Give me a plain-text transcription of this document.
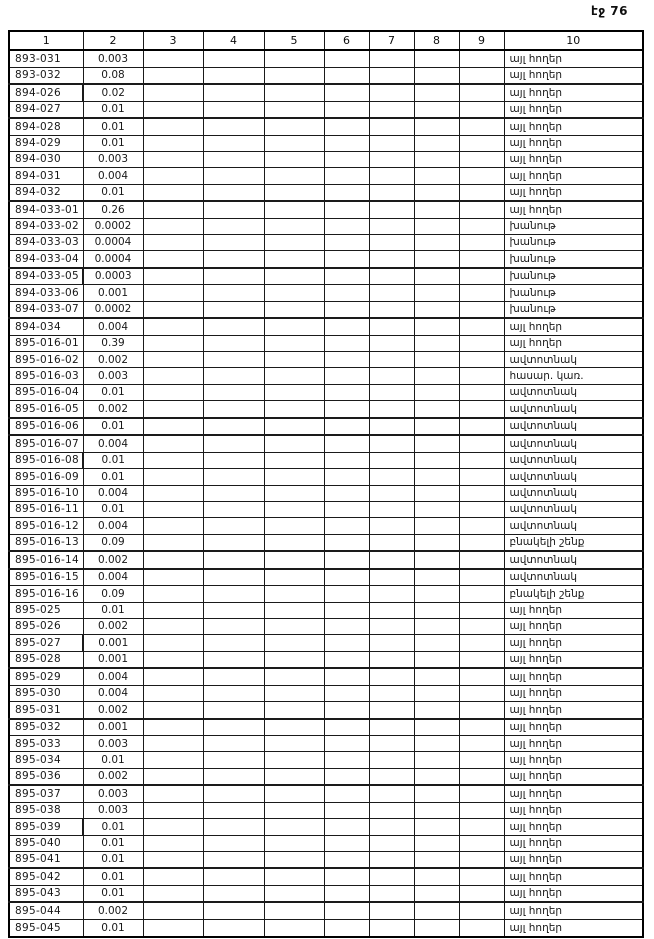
էջ 76
1	2	3	4	5	6	7	8	9	10
893-031	0.003								այլ հողեր
893-032	0.08								այլ հողեր
894-026	0.02								այլ հողեր
894-027	0.01								այլ հողեր
894-028	0.01								այլ հողեր
894-029	0.01								այլ հողեր
894-030	0.003								այլ հողեր
894-031	0.004								այլ հողեր
894-032	0.01								այլ հողեր
894-033-01	0.26								այլ հողեր
894-033-02	0.0002								խանութ
894-033-03	0.0004								խանութ
894-033-04	0.0004								խանութ
894-033-05	0.0003								խանութ
894-033-06	0.001								խանութ
894-033-07	0.0002								խանութ
894-034	0.004								այլ հողեր
895-016-01	0.39								այլ հողեր
895-016-02	0.002								ավտոտնակ
895-016-03	0.003								հասար. կառ.
895-016-04	0.01								ավտոտնակ
895-016-05	0.002								ավտոտնակ
895-016-06	0.01								ավտոտնակ
895-016-07	0.004								ավտոտնակ
895-016-08	0.01								ավտոտնակ
895-016-09	0.01								ավտոտնակ
895-016-10	0.004								ավտոտնակ
895-016-11	0.01								ավտոտնակ
895-016-12	0.004								ավտոտնակ
895-016-13	0.09								բնակելի շենք
895-016-14	0.002								ավտոտնակ
895-016-15	0.004								ավտոտնակ
895-016-16	0.09								բնակելի շենք
895-025	0.01								այլ հողեր
895-026	0.002								այլ հողեր
895-027	0.001								այլ հողեր
895-028	0.001								այլ հողեր
895-029	0.004								այլ հողեր
895-030	0.004								այլ հողեր
895-031	0.002								այլ հողեր
895-032	0.001								այլ հողեր
895-033	0.003								այլ հողեր
895-034	0.01								այլ հողեր
895-036	0.002								այլ հողեր
895-037	0.003								այլ հողեր
895-038	0.003								այլ հողեր
895-039	0.01								այլ հողեր
895-040	0.01								այլ հողեր
895-041	0.01								այլ հողեր
895-042	0.01								այլ հողեր
895-043	0.01								այլ հողեր
895-044	0.002								այլ հողեր
895-045	0.01								այլ հողեր
